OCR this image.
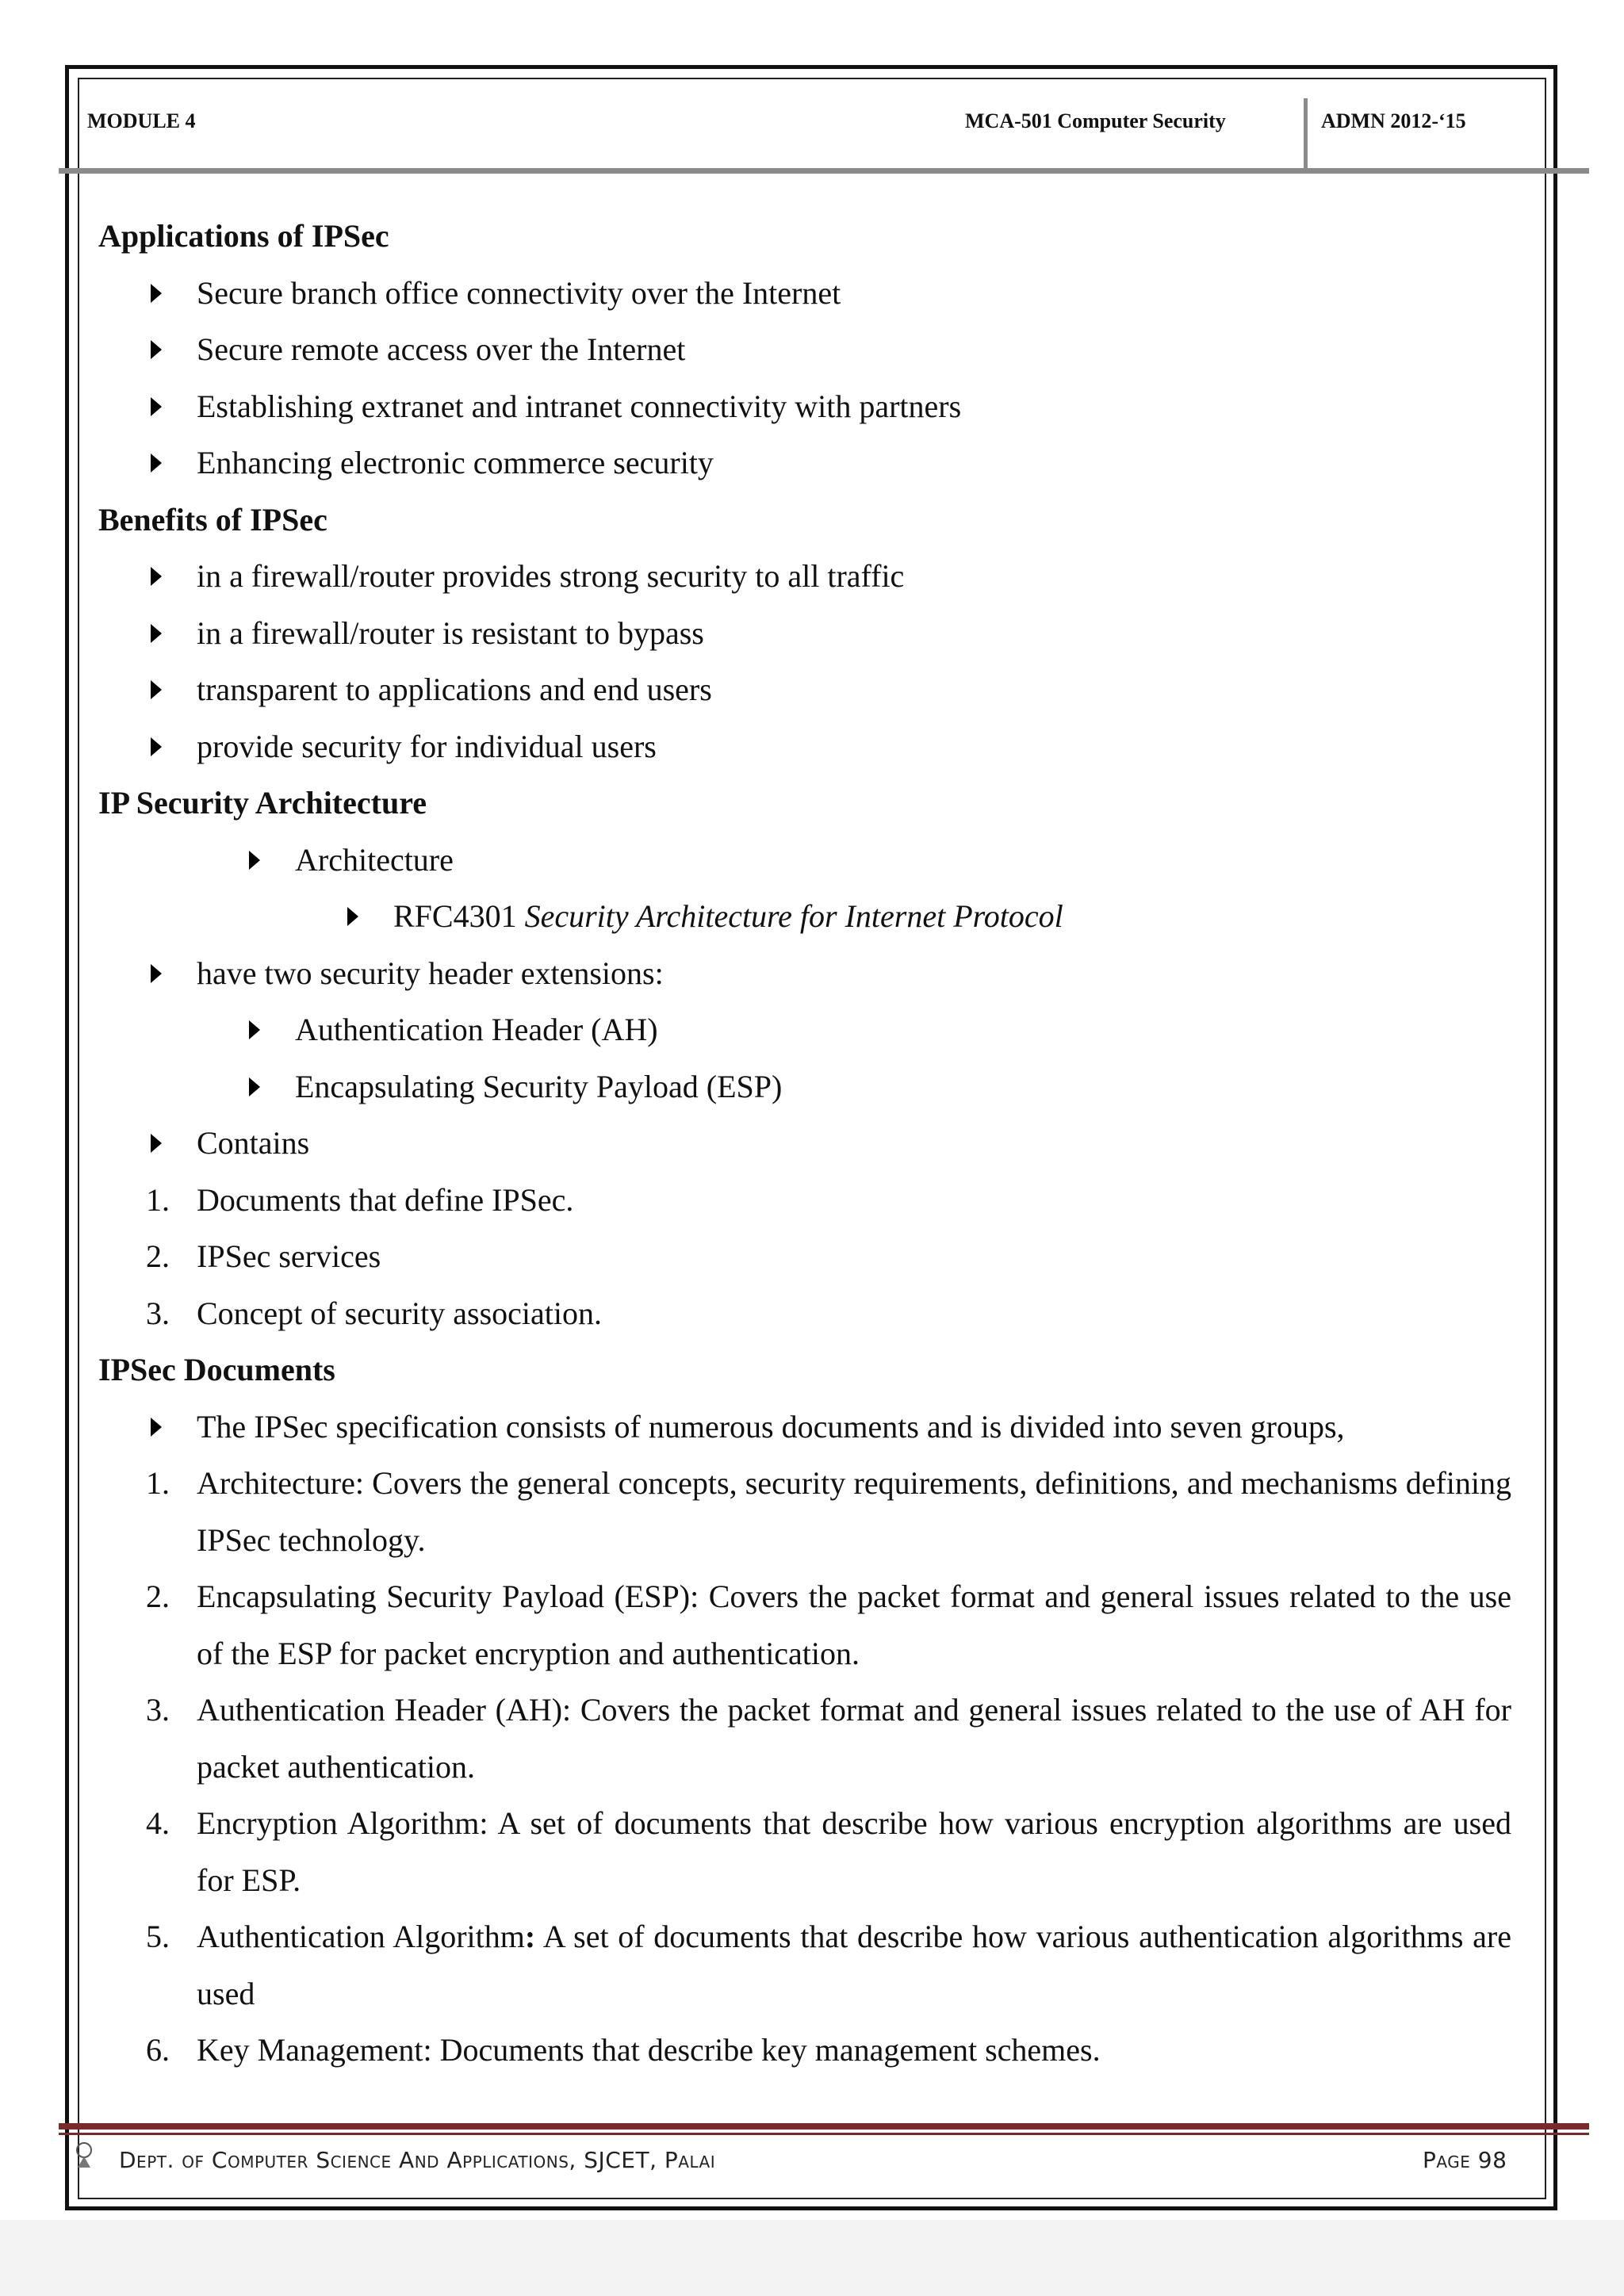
MODULE 4	MCA-501 Computer Security	ADMN 2012-‘15
Applications of IPSec
Secure branch office connectivity over the Internet
Secure remote access over the Internet
Establishing extranet and intranet connectivity with partners
Enhancing electronic commerce security
Benefits of IPSec
in a firewall/router provides strong security to all traffic
in a firewall/router is resistant to bypass
transparent to applications and end users
provide security for individual users
IP Security Architecture
Architecture
RFC4301 Security Architecture for Internet Protocol
have two security header extensions:
Authentication Header (AH)
Encapsulating Security Payload (ESP)
Contains
1. Documents that define IPSec.
2. IPSec services
3. Concept of security association.
IPSec Documents
The IPSec specification consists of numerous documents and is divided into seven groups,
1. Architecture: Covers the general concepts, security requirements, definitions, and mechanisms defining IPSec technology.
2. Encapsulating Security Payload (ESP): Covers the packet format and general issues related to the use of the ESP for packet encryption and authentication.
3. Authentication Header (AH): Covers the packet format and general issues related to the use of AH for packet authentication.
4. Encryption Algorithm: A set of documents that describe how various encryption algorithms are used for ESP.
5. Authentication Algorithm: A set of documents that describe how various authentication algorithms are used
6. Key Management: Documents that describe key management schemes.
Dept. of Computer Science And Applications, SJCET, Palai	Page 98
